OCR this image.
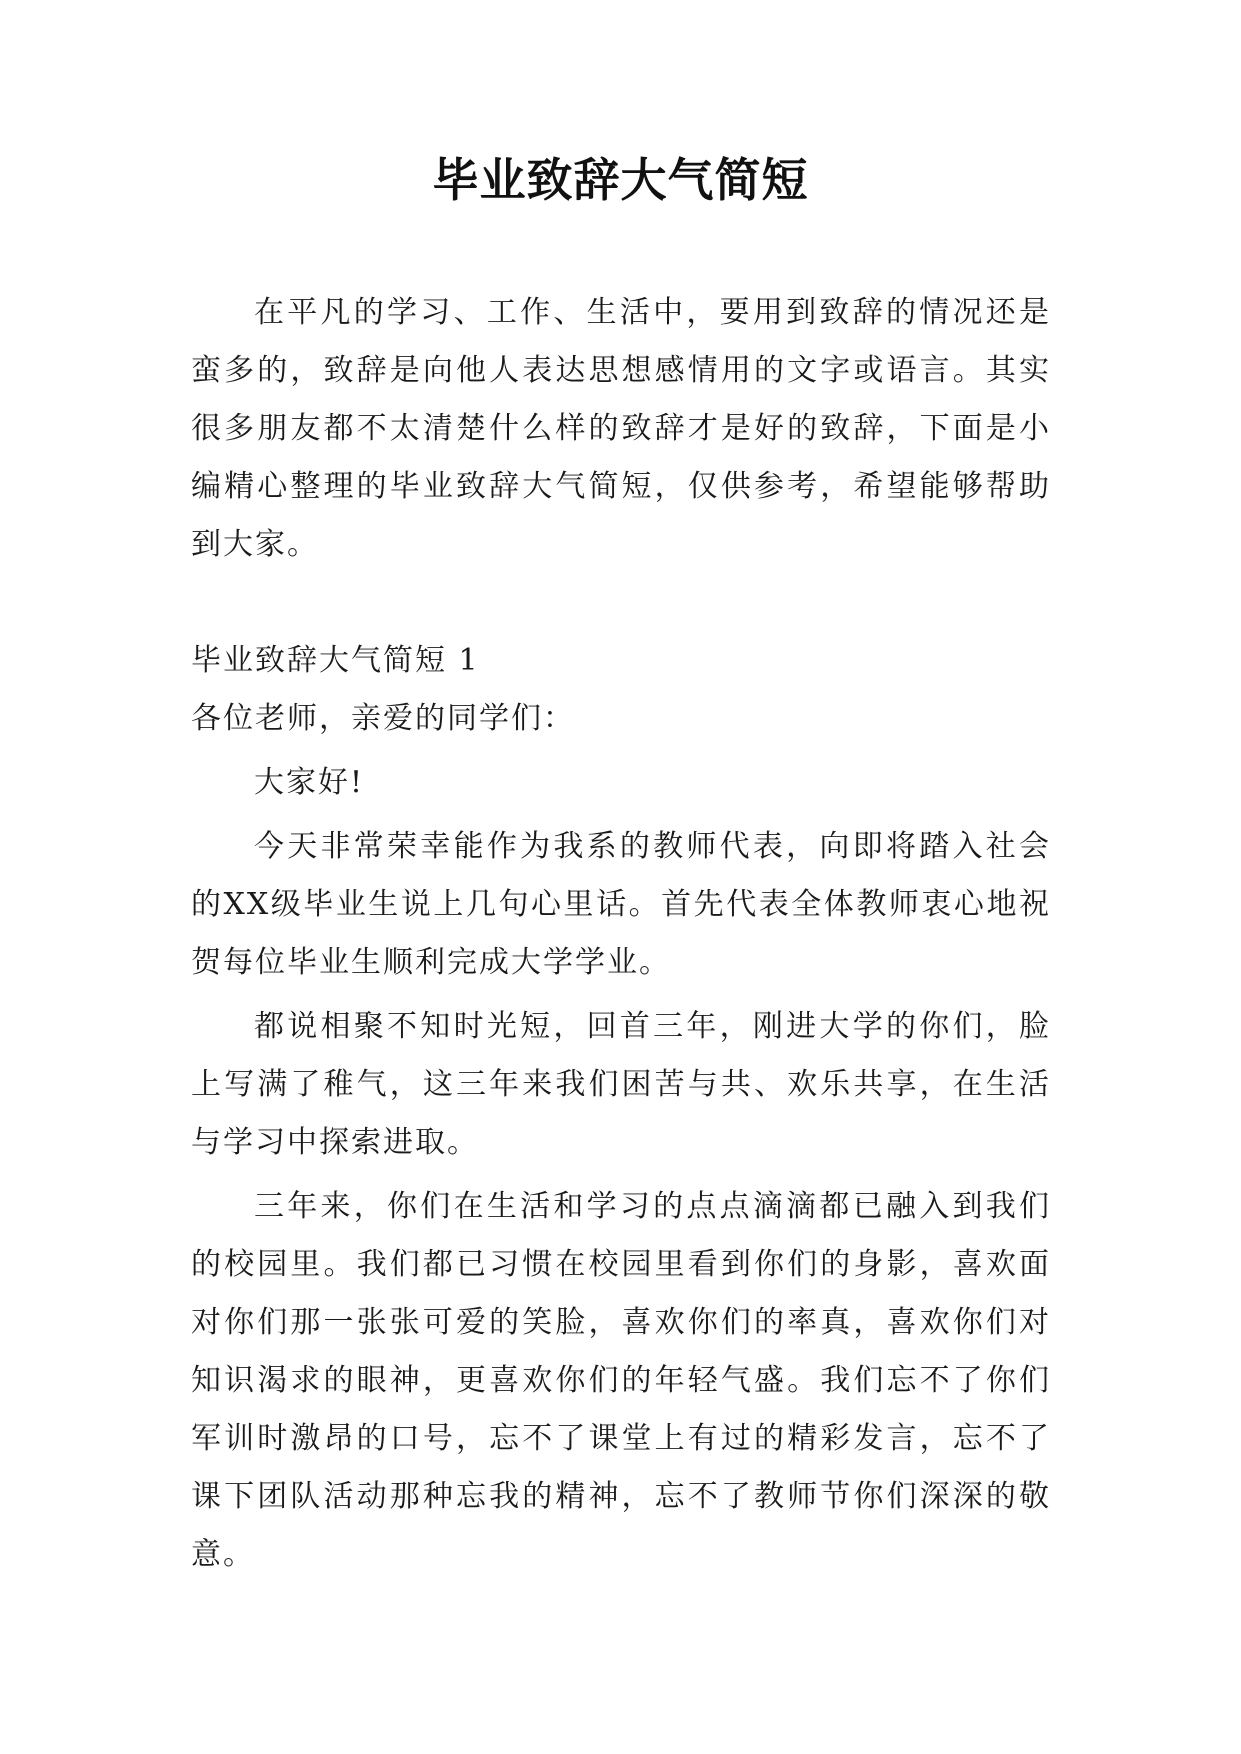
毕业致辞大气简短

在平凡的学习、工作、生活中，要用到致辞的情况还是蛮多的，致辞是向他人表达思想感情用的文字或语言。其实很多朋友都不太清楚什么样的致辞才是好的致辞，下面是小编精心整理的毕业致辞大气简短，仅供参考，希望能够帮助到大家。

毕业致辞大气简短 1

各位老师，亲爱的同学们：

大家好!

今天非常荣幸能作为我系的教师代表，向即将踏入社会的XX级毕业生说上几句心里话。首先代表全体教师衷心地祝贺每位毕业生顺利完成大学学业。

都说相聚不知时光短，回首三年，刚进大学的你们，脸上写满了稚气，这三年来我们困苦与共、欢乐共享，在生活与学习中探索进取。

三年来，你们在生活和学习的点点滴滴都已融入到我们的校园里。我们都已习惯在校园里看到你们的身影，喜欢面对你们那一张张可爱的笑脸，喜欢你们的率真，喜欢你们对知识渴求的眼神，更喜欢你们的年轻气盛。我们忘不了你们军训时激昂的口号，忘不了课堂上有过的精彩发言，忘不了课下团队活动那种忘我的精神，忘不了教师节你们深深的敬意。
